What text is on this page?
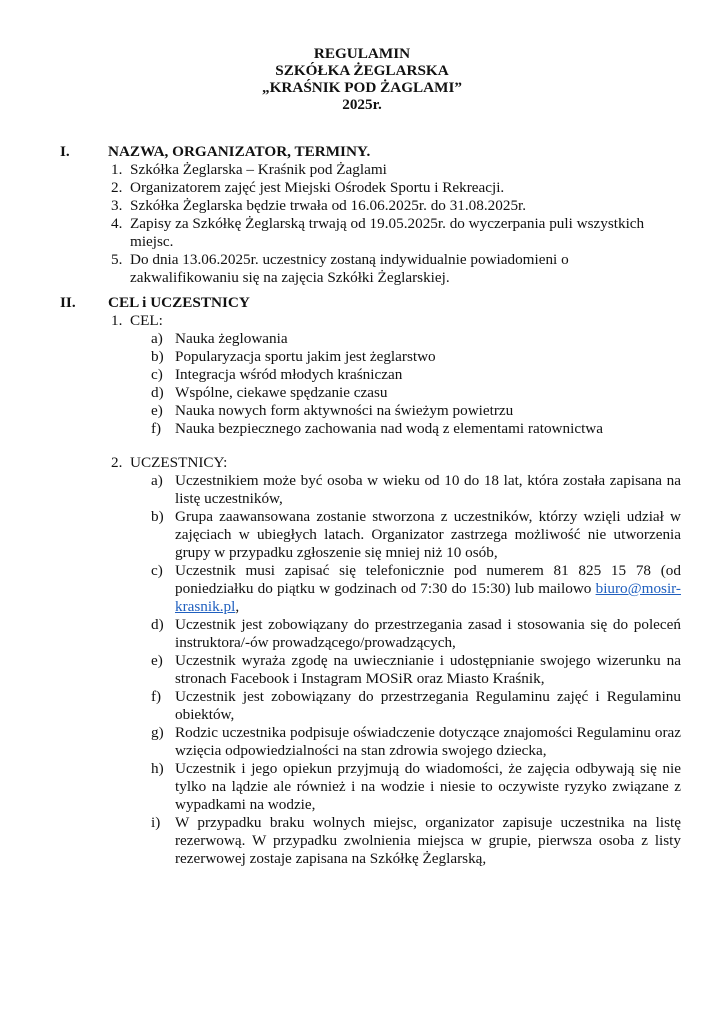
REGULAMIN
SZKÓŁKA ŻEGLARSKA
„KRAŚNIK POD ŻAGLAMI”
2025r.
I.	NAZWA, ORGANIZATOR, TERMINY.
1. Szkółka Żeglarska – Kraśnik pod Żaglami
2. Organizatorem zajęć jest Miejski Ośrodek Sportu i Rekreacji.
3. Szkółka Żeglarska będzie trwała od 16.06.2025r. do 31.08.2025r.
4. Zapisy za Szkółkę Żeglarską trwają od 19.05.2025r. do wyczerpania puli wszystkich miejsc.
5. Do dnia 13.06.2025r. uczestnicy zostaną indywidualnie powiadomieni o zakwalifikowaniu się na zajęcia Szkółki Żeglarskiej.
II. CEL i UCZESTNICY
1. CEL:
a) Nauka żeglowania
b) Popularyzacja sportu jakim jest żeglarstwo
c) Integracja wśród młodych kraśniczan
d) Wspólne, ciekawe spędzanie czasu
e) Nauka nowych form aktywności na świeżym powietrzu
f) Nauka bezpiecznego zachowania nad wodą z elementami ratownictwa
2. UCZESTNICY:
a) Uczestnikiem może być osoba w wieku od 10 do 18 lat, która została zapisana na listę uczestników,
b) Grupa zaawansowana zostanie stworzona z uczestników, którzy wzięli udział w zajęciach w ubiegłych latach. Organizator zastrzega możliwość nie utworzenia grupy w przypadku zgłoszenie się mniej niż 10 osób,
c) Uczestnik musi zapisać się telefonicznie pod numerem 81 825 15 78 (od poniedziałku do piątku w godzinach od 7:30 do 15:30) lub mailowo biuro@mosir-krasnik.pl,
d) Uczestnik jest zobowiązany do przestrzegania zasad i stosowania się do poleceń instruktora/-ów prowadzącego/prowadzących,
e) Uczestnik wyraża zgodę na uwiecznianie i udostępnianie swojego wizerunku na stronach Facebook i Instagram MOSiR oraz Miasto Kraśnik,
f) Uczestnik jest zobowiązany do przestrzegania Regulaminu zajęć i Regulaminu obiektów,
g) Rodzic uczestnika podpisuje oświadczenie dotyczące znajomości Regulaminu oraz wzięcia odpowiedzialności na stan zdrowia swojego dziecka,
h) Uczestnik i jego opiekun przyjmują do wiadomości, że zajęcia odbywają się nie tylko na lądzie ale również i na wodzie i niesie to oczywiste ryzyko związane z wypadkami na wodzie,
i) W przypadku braku wolnych miejsc, organizator zapisuje uczestnika na listę rezerwową. W przypadku zwolnienia miejsca w grupie, pierwsza osoba z listy rezerwowej zostaje zapisana na Szkółkę Żeglarską,
